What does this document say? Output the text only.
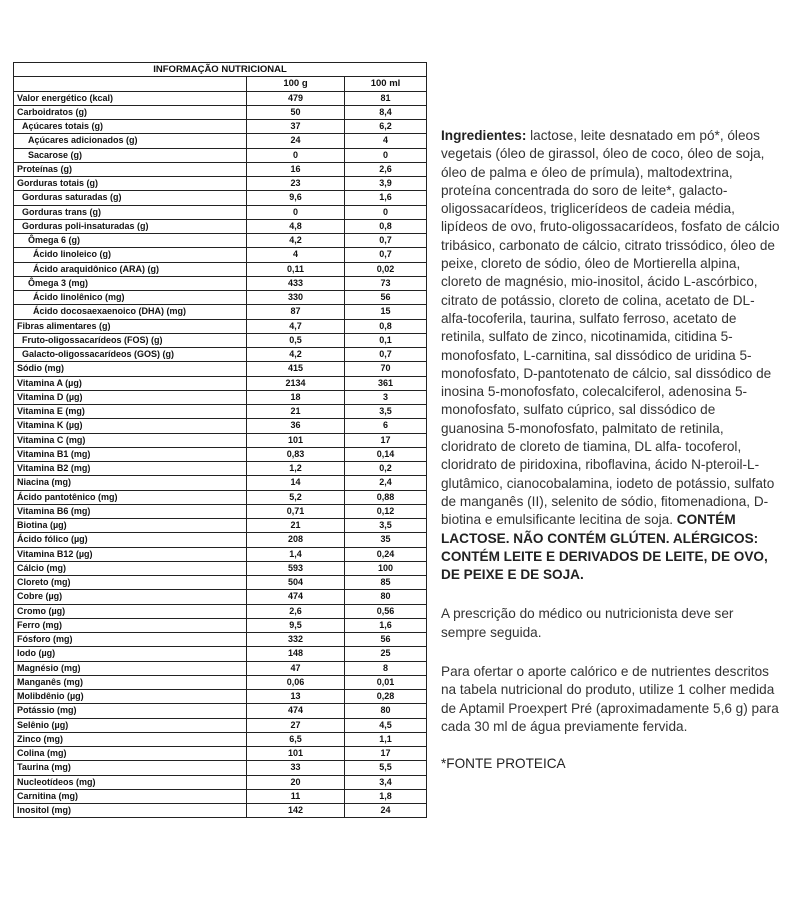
INFORMAÇÃO NUTRICIONAL		
	100 g	100 ml
Valor energético (kcal)	479	81
Carboidratos (g)	50	8,4
Açúcares totais (g)	37	6,2
Açúcares adicionados (g)	24	4
Sacarose (g)	0	0
Proteínas (g)	16	2,6
Gorduras totais (g)	23	3,9
Gorduras saturadas (g)	9,6	1,6
Gorduras trans (g)	0	0
Gorduras poli-insaturadas (g)	4,8	0,8
Ômega 6 (g)	4,2	0,7
Ácido linoleico (g)	4	0,7
Ácido araquidônico (ARA) (g)	0,11	0,02
Ômega 3 (mg)	433	73
Ácido linolênico (mg)	330	56
Ácido docosaexaenoico (DHA) (mg)	87	15
Fibras alimentares (g)	4,7	0,8
Fruto-oligossacarídeos (FOS) (g)	0,5	0,1
Galacto-oligossacarídeos (GOS) (g)	4,2	0,7
Sódio (mg)	415	70
Vitamina A (µg)	2134	361
Vitamina D (µg)	18	3
Vitamina E (mg)	21	3,5
Vitamina K (µg)	36	6
Vitamina C (mg)	101	17
Vitamina B1 (mg)	0,83	0,14
Vitamina B2 (mg)	1,2	0,2
Niacina (mg)	14	2,4
Ácido pantotênico (mg)	5,2	0,88
Vitamina B6 (mg)	0,71	0,12
Biotina (µg)	21	3,5
Ácido fólico (µg)	208	35
Vitamina B12 (µg)	1,4	0,24
Cálcio (mg)	593	100
Cloreto (mg)	504	85
Cobre (µg)	474	80
Cromo (µg)	2,6	0,56
Ferro (mg)	9,5	1,6
Fósforo (mg)	332	56
Iodo (µg)	148	25
Magnésio (mg)	47	8
Manganês (mg)	0,06	0,01
Molibdênio (µg)	13	0,28
Potássio (mg)	474	80
Selênio (µg)	27	4,5
Zinco (mg)	6,5	1,1
Colina (mg)	101	17
Taurina (mg)	33	5,5
Nucleotídeos (mg)	20	3,4
Carnitina (mg)	11	1,8
Inositol (mg)	142	24

Ingredientes: lactose, leite desnatado em pó*, óleos vegetais (óleo de girassol, óleo de coco, óleo de soja, óleo de palma e óleo de prímula), maltodextrina, proteína concentrada do soro de leite*, galacto-oligossacarídeos, triglicerídeos de cadeia média, lipídeos de ovo, fruto-oligossacarídeos, fosfato de cálcio tribásico, carbonato de cálcio, citrato trissódico, óleo de peixe, cloreto de sódio, óleo de Mortierella alpina, cloreto de magnésio, mio-inositol, ácido L-ascórbico, citrato de potássio, cloreto de colina, acetato de DL-alfa-tocoferila, taurina, sulfato ferroso, acetato de retinila, sulfato de zinco, nicotinamida, citidina 5-monofosfato, L-carnitina, sal dissódico de uridina 5-monofosfato, D-pantotenato de cálcio, sal dissódico de inosina 5-monofosfato, colecalciferol, adenosina 5-monofosfato, sulfato cúprico, sal dissódico de guanosina 5-monofosfato, palmitato de retinila, cloridrato de cloreto de tiamina, DL alfa- tocoferol, cloridrato de piridoxina, riboflavina, ácido N-pteroil-L-glutâmico, cianocobalamina, iodeto de potássio, sulfato de manganês (II), selenito de sódio, fitomenadiona, D-biotina e emulsificante lecitina de soja. CONTÉM LACTOSE. NÃO CONTÉM GLÚTEN. ALÉRGICOS: CONTÉM LEITE E DERIVADOS DE LEITE, DE OVO, DE PEIXE E DE SOJA.

A prescrição do médico ou nutricionista deve ser sempre seguida.

Para ofertar o aporte calórico e de nutrientes descritos na tabela nutricional do produto, utilize 1 colher medida de Aptamil Proexpert Pré (aproximadamente 5,6 g) para cada 30 ml de água previamente fervida.

*FONTE PROTEICA
